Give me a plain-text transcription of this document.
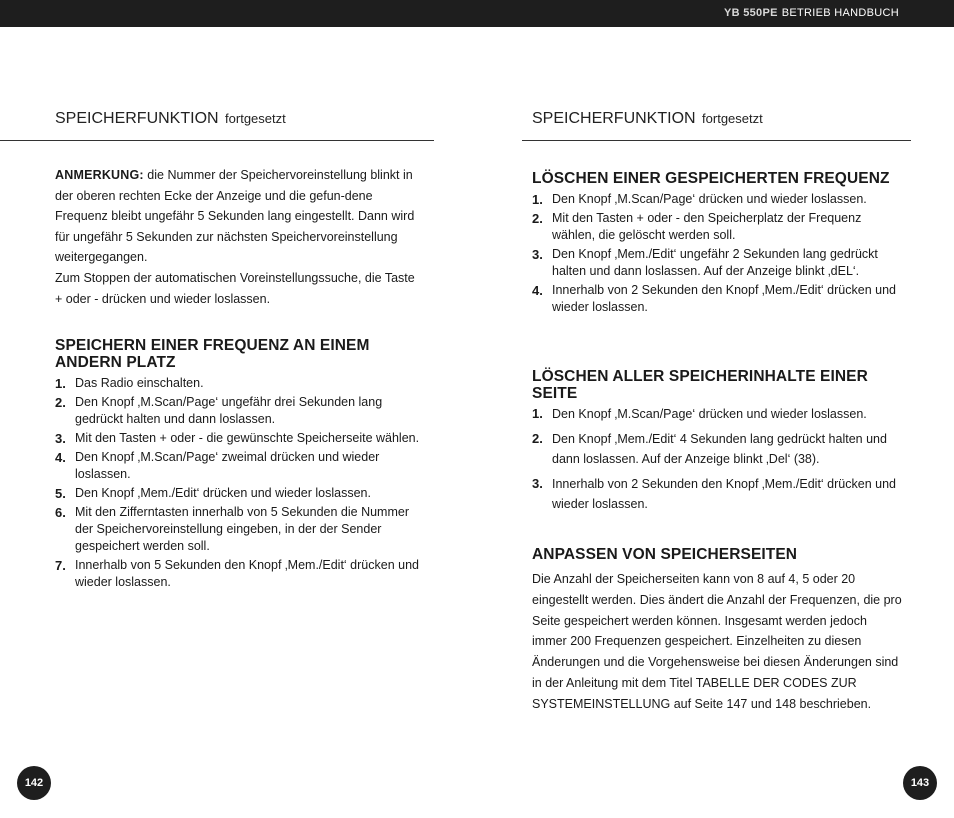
YB 550PE BETRIEB HANDBUCH
SPEICHERFUNKTION fortgesetzt
ANMERKUNG: die Nummer der Speichervoreinstellung blinkt in der oberen rechten Ecke der Anzeige und die gefun-dene Frequenz bleibt ungefähr 5 Sekunden lang eingestellt. Dann wird für ungefähr 5 Sekunden zur nächsten Speichervoreinstellung weitergegangen.
Zum Stoppen der automatischen Voreinstellungssuche, die Taste + oder - drücken und wieder loslassen.
SPEICHERN EINER FREQUENZ AN EINEM ANDERN PLATZ
1. Das Radio einschalten.
2. Den Knopf ‚M.Scan/Page‘ ungefähr drei Sekunden lang gedrückt halten und dann loslassen.
3. Mit den Tasten + oder - die gewünschte Speicherseite wählen.
4. Den Knopf ‚M.Scan/Page‘ zweimal drücken und wieder loslassen.
5. Den Knopf ‚Mem./Edit‘ drücken und wieder loslassen.
6. Mit den Zifferntasten innerhalb von 5 Sekunden die Nummer der Speichervoreinstellung eingeben, in der der Sender gespeichert werden soll.
7. Innerhalb von 5 Sekunden den Knopf ‚Mem./Edit‘ drücken und wieder loslassen.
142
SPEICHERFUNKTION fortgesetzt
LÖSCHEN EINER GESPEICHERTEN FREQUENZ
1. Den Knopf ‚M.Scan/Page‘ drücken und wieder loslassen.
2. Mit den Tasten + oder - den Speicherplatz der Frequenz wählen, die gelöscht werden soll.
3. Den Knopf ‚Mem./Edit‘ ungefähr 2 Sekunden lang gedrückt halten und dann loslassen. Auf der Anzeige blinkt ‚dEL‘.
4. Innerhalb von 2 Sekunden den Knopf ‚Mem./Edit‘ drücken und wieder loslassen.
LÖSCHEN ALLER SPEICHERINHALTE EINER SEITE
1. Den Knopf ‚M.Scan/Page‘ drücken und wieder loslassen.
2. Den Knopf ‚Mem./Edit‘ 4 Sekunden lang gedrückt halten und dann loslassen. Auf der Anzeige blinkt ‚Del‘ (38).
3. Innerhalb von 2 Sekunden den Knopf ‚Mem./Edit‘ drücken und wieder loslassen.
ANPASSEN VON SPEICHERSEITEN
Die Anzahl der Speicherseiten kann von 8 auf 4, 5 oder 20 eingestellt werden. Dies ändert die Anzahl der Frequenzen, die pro Seite gespeichert werden können. Insgesamt werden jedoch immer 200 Frequenzen gespeichert. Einzelheiten zu diesen Änderungen und die Vorgehensweise bei diesen Änderungen sind in der Anleitung mit dem Titel TABELLE DER CODES ZUR SYSTEMEINSTELLUNG auf Seite 147 und 148 beschrieben.
143
